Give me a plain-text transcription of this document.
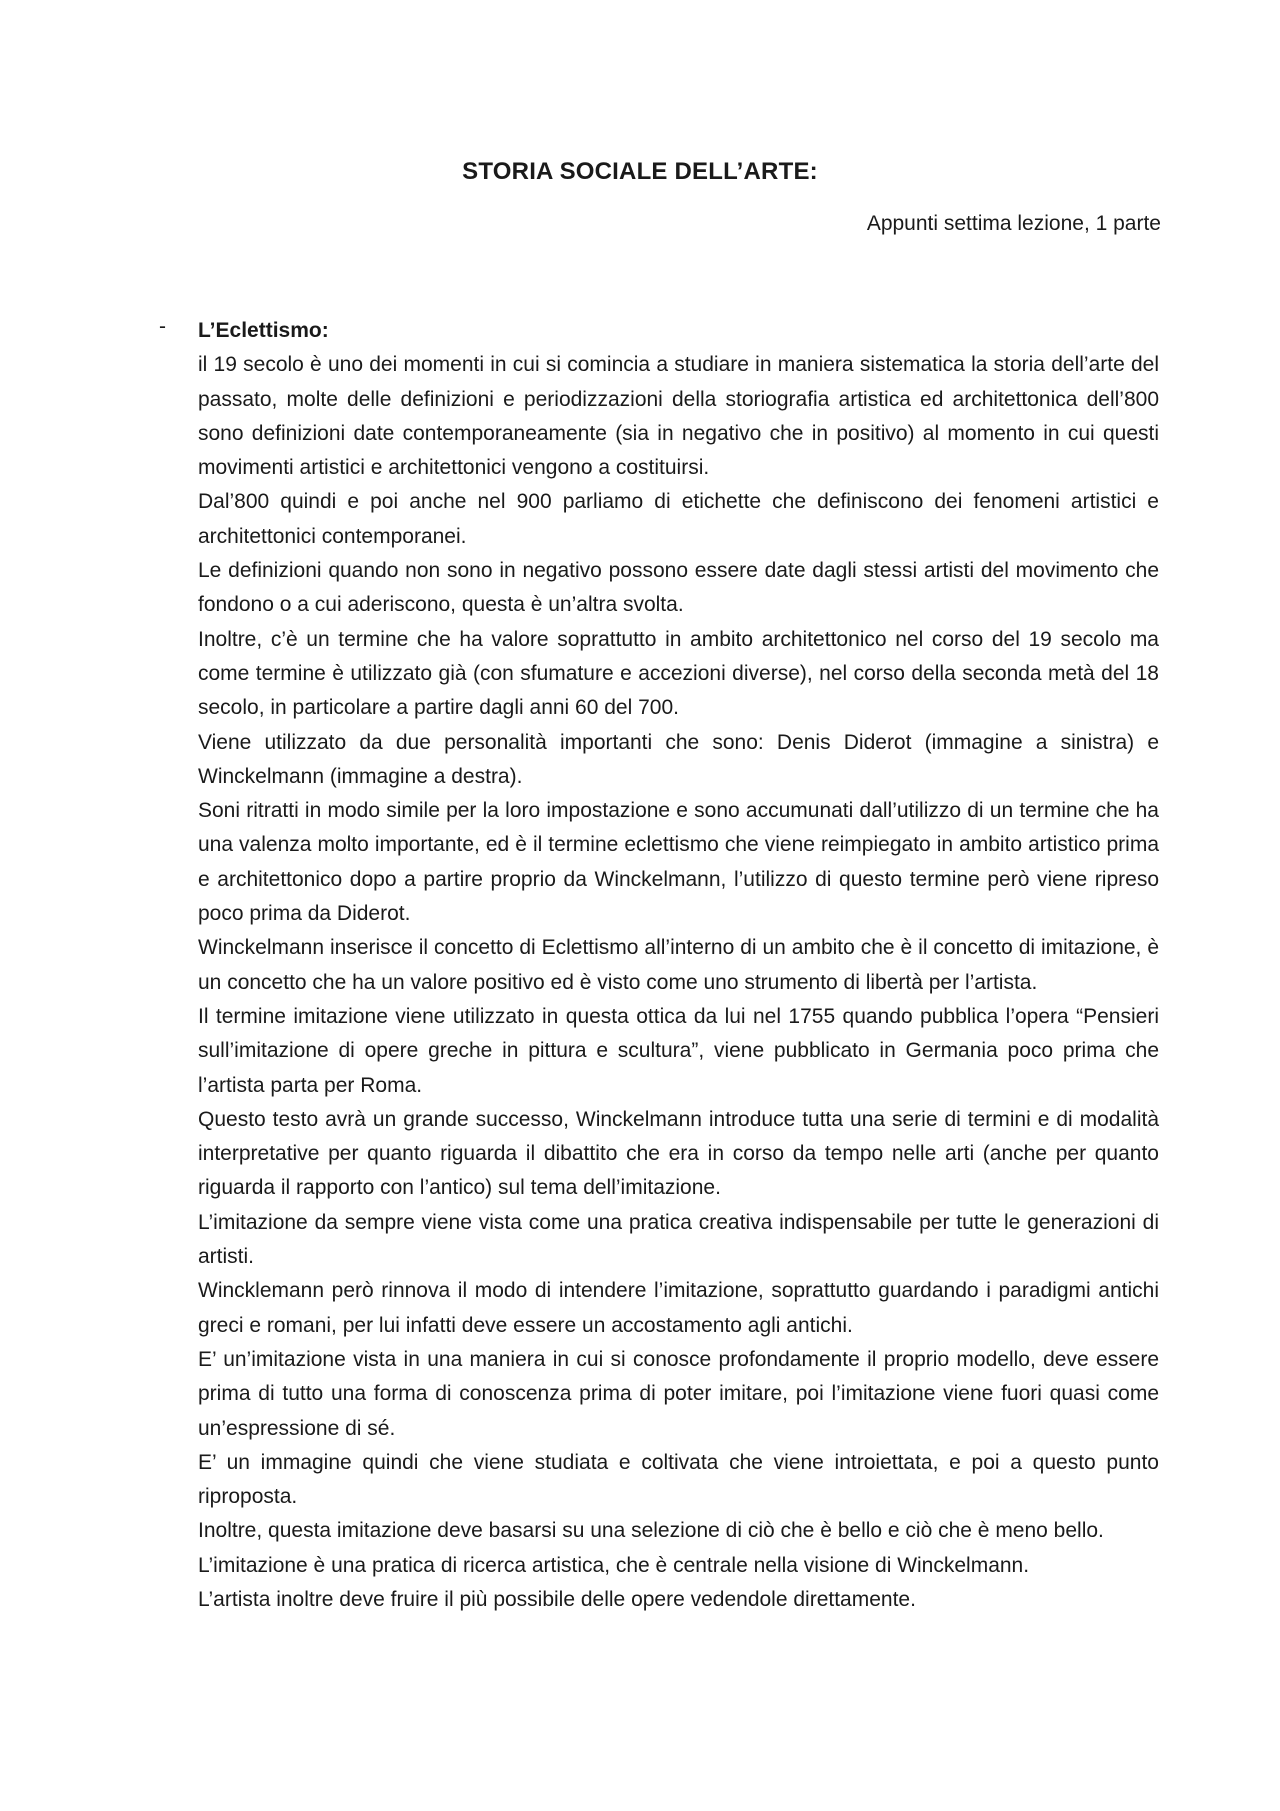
STORIA SOCIALE DELL’ARTE:

Appunti settima lezione, 1 parte

- L’Eclettismo:

il 19 secolo è uno dei momenti in cui si comincia a studiare in maniera sistematica la storia dell’arte del passato, molte delle definizioni e periodizzazioni della storiografia artistica ed architettonica dell’800 sono definizioni date contemporaneamente (sia in negativo che in positivo) al momento in cui questi movimenti artistici e architettonici vengono a costituirsi.

Dal’800 quindi e poi anche nel 900 parliamo di etichette che definiscono dei fenomeni artistici e architettonici contemporanei.

Le definizioni quando non sono in negativo possono essere date dagli stessi artisti del movimento che fondono o a cui aderiscono, questa è un’altra svolta.

Inoltre, c’è un termine che ha valore soprattutto in ambito architettonico nel corso del 19 secolo ma come termine è utilizzato già (con sfumature e accezioni diverse), nel corso della seconda metà del 18 secolo, in particolare a partire dagli anni 60 del 700.

Viene utilizzato da due personalità importanti che sono: Denis Diderot (immagine a sinistra) e Winckelmann (immagine a destra).

Soni ritratti in modo simile per la loro impostazione e sono accumunati dall’utilizzo di un termine che ha una valenza molto importante, ed è il termine eclettismo che viene reimpiegato in ambito artistico prima e architettonico dopo a partire proprio da Winckelmann, l’utilizzo di questo termine però viene ripreso poco prima da Diderot.

Winckelmann inserisce il concetto di Eclettismo all’interno di un ambito che è il concetto di imitazione, è un concetto che ha un valore positivo ed è visto come uno strumento di libertà per l’artista.

Il termine imitazione viene utilizzato in questa ottica da lui nel 1755 quando pubblica l’opera “Pensieri sull’imitazione di opere greche in pittura e scultura”, viene pubblicato in Germania poco prima che l’artista parta per Roma.

Questo testo avrà un grande successo, Winckelmann introduce tutta una serie di termini e di modalità interpretative per quanto riguarda il dibattito che era in corso da tempo nelle arti (anche per quanto riguarda il rapporto con l’antico) sul tema dell’imitazione.

L’imitazione da sempre viene vista come una pratica creativa indispensabile per tutte le generazioni di artisti.

Wincklemann però rinnova il modo di intendere l’imitazione, soprattutto guardando i paradigmi antichi greci e romani, per lui infatti deve essere un accostamento agli antichi.

E’ un’imitazione vista in una maniera in cui si conosce profondamente il proprio modello, deve essere prima di tutto una forma di conoscenza prima di poter imitare, poi l’imitazione viene fuori quasi come un’espressione di sé.

E’ un immagine quindi che viene studiata e coltivata che viene introiettata, e poi a questo punto riproposta.

Inoltre, questa imitazione deve basarsi su una selezione di ciò che è bello e ciò che è meno bello.

L’imitazione è una pratica di ricerca artistica, che è centrale nella visione di Winckelmann.

L’artista inoltre deve fruire il più possibile delle opere vedendole direttamente.
